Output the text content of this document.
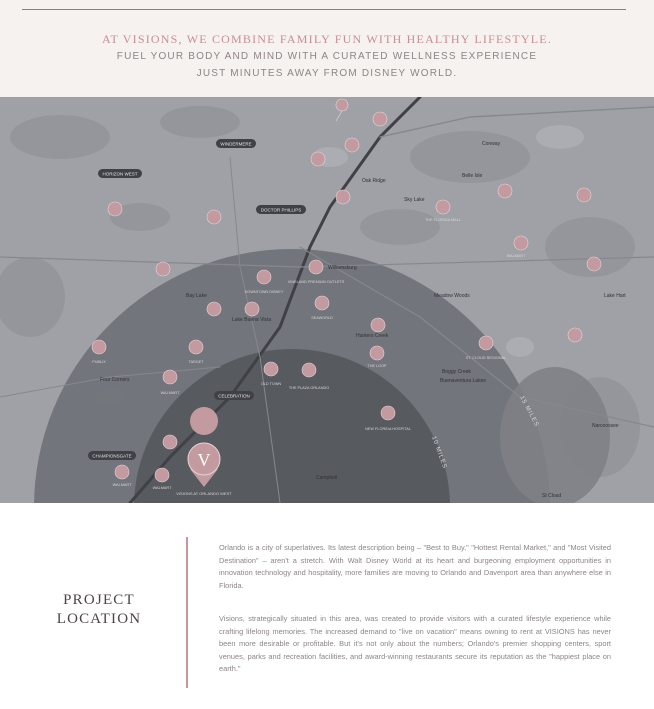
AT VISIONS, WE COMBINE FAMILY FUN WITH HEALTHY LIFESTYLE.
FUEL YOUR BODY AND MIND WITH A CURATED WELLNESS EXPERIENCE
JUST MINUTES AWAY FROM DISNEY WORLD.
15 MILES
10 MILES
HORIZON WEST
WINDERMERE
DOCTOR PHILLIPS
CELEBRATION
CHAMPIONSGATE
Oak Ridge
Sky Lake
Belle Isle
Conway
Williamsburg
Bay Lake
Lake Buena Vista
Four Corners
Hunters Creek
Meadow Woods
Boggy Creek
Buenaventura Lakes
Narcoossee
Lake Hart
St Cloud
Campbell
WALMART
WALMART
WALMART
WALMART
OLD TOWN
THE LOOP
THE FLORIDA MALL
THE PLAZA ORLANDO
DOWNTOWN DISNEY
SEAWORLD
VINELAND PREMIUM OUTLETS
NEW FLORIDA HOSPITAL
ST. CLOUD REGIONAL
TARGET
PUBLIX
V
VISIONS AT ORLANDO WEST
PROJECT
LOCATION

Orlando is a city of superlatives. Its latest description being – "Best to Buy," "Hottest Rental Market," and "Most Visited Destination" – aren't a stretch. With Walt Disney World at its heart and burgeoning employment opportunities in innovation technology and hospitality, more families are moving to Orlando and Davenport area than anywhere else in Florida.

Visions, strategically situated in this area, was created to provide visitors with a curated lifestyle experience while crafting lifelong memories. The increased demand to "live on vacation" means owning to rent at VISIONS has never been more desirable or profitable. But it's not only about the numbers; Orlando's premier shopping centers, sport venues, parks and recreation facilities, and award-winning restaurants secure its reputation as the "happiest place on earth."
